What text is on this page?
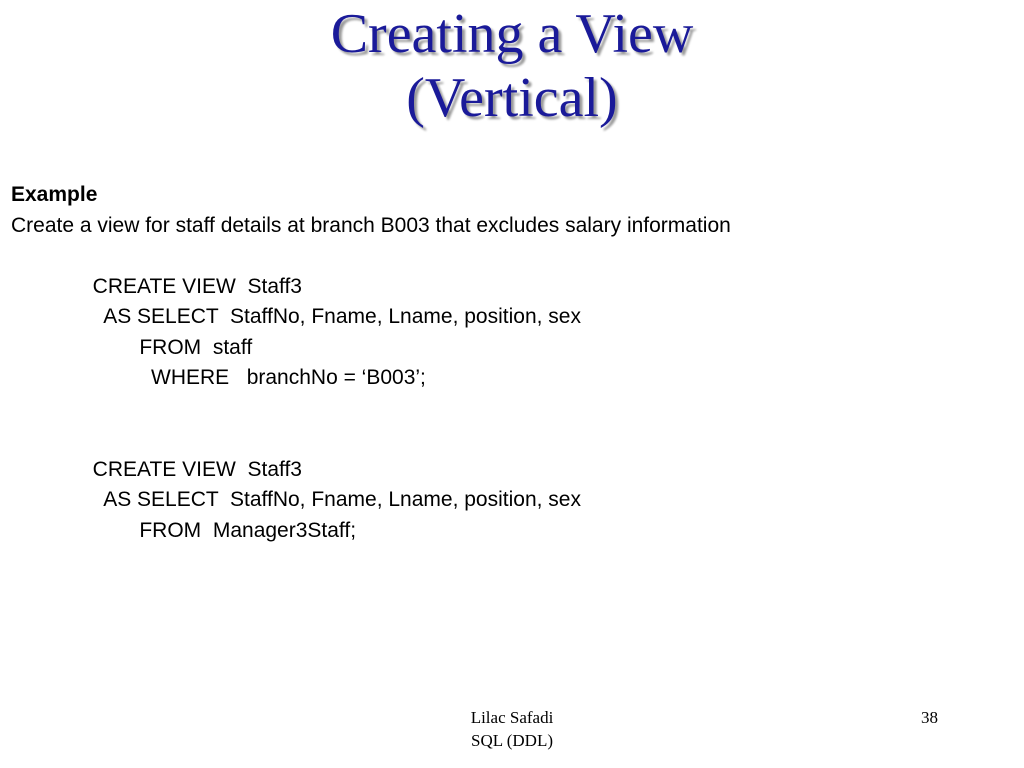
Creating a View
(Vertical)
Example
Create a view for staff details at branch B003 that excludes salary information
CREATE VIEW  Staff3
AS SELECT  StaffNo, Fname, Lname, position, sex
FROM  staff
WHERE   branchNo = ‘B003’;
CREATE VIEW  Staff3
AS SELECT  StaffNo, Fname, Lname, position, sex
FROM  Manager3Staff;
Lilac Safadi
SQL (DDL)
38
